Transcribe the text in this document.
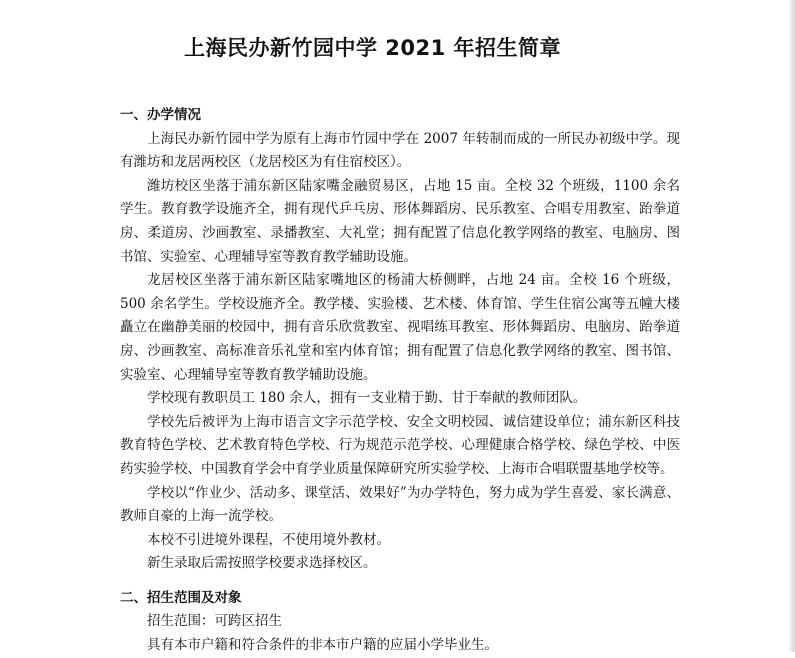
上海民办新竹园中学 2021 年招生简章

一、办学情况

上海民办新竹园中学为原有上海市竹园中学在 2007 年转制而成的一所民办初级中学。现有潍坊和龙居两校区（龙居校区为有住宿校区）。

潍坊校区坐落于浦东新区陆家嘴金融贸易区，占地 15 亩。全校 32 个班级，1100 余名学生。教育教学设施齐全，拥有现代乒乓房、形体舞蹈房、民乐教室、合唱专用教室、跆拳道房、柔道房、沙画教室、录播教室、大礼堂；拥有配置了信息化教学网络的教室、电脑房、图书馆、实验室、心理辅导室等教育教学辅助设施。

龙居校区坐落于浦东新区陆家嘴地区的杨浦大桥侧畔，占地 24 亩。全校 16 个班级，500 余名学生。学校设施齐全。教学楼、实验楼、艺术楼、体育馆、学生住宿公寓等五幢大楼矗立在幽静美丽的校园中，拥有音乐欣赏教室、视唱练耳教室、形体舞蹈房、电脑房、跆拳道房、沙画教室、高标准音乐礼堂和室内体育馆；拥有配置了信息化教学网络的教室、图书馆、实验室、心理辅导室等教育教学辅助设施。

学校现有教职员工 180 余人，拥有一支业精于勤、甘于奉献的教师团队。

学校先后被评为上海市语言文字示范学校、安全文明校园、诚信建设单位；浦东新区科技教育特色学校、艺术教育特色学校、行为规范示范学校、心理健康合格学校、绿色学校、中医药实验学校、中国教育学会中育学业质量保障研究所实验学校、上海市合唱联盟基地学校等。

学校以“作业少、活动多、课堂活、效果好”为办学特色，努力成为学生喜爱、家长满意、教师自豪的上海一流学校。

本校不引进境外课程，不使用境外教材。

新生录取后需按照学校要求选择校区。

二、招生范围及对象

招生范围：可跨区招生

具有本市户籍和符合条件的非本市户籍的应届小学毕业生。
